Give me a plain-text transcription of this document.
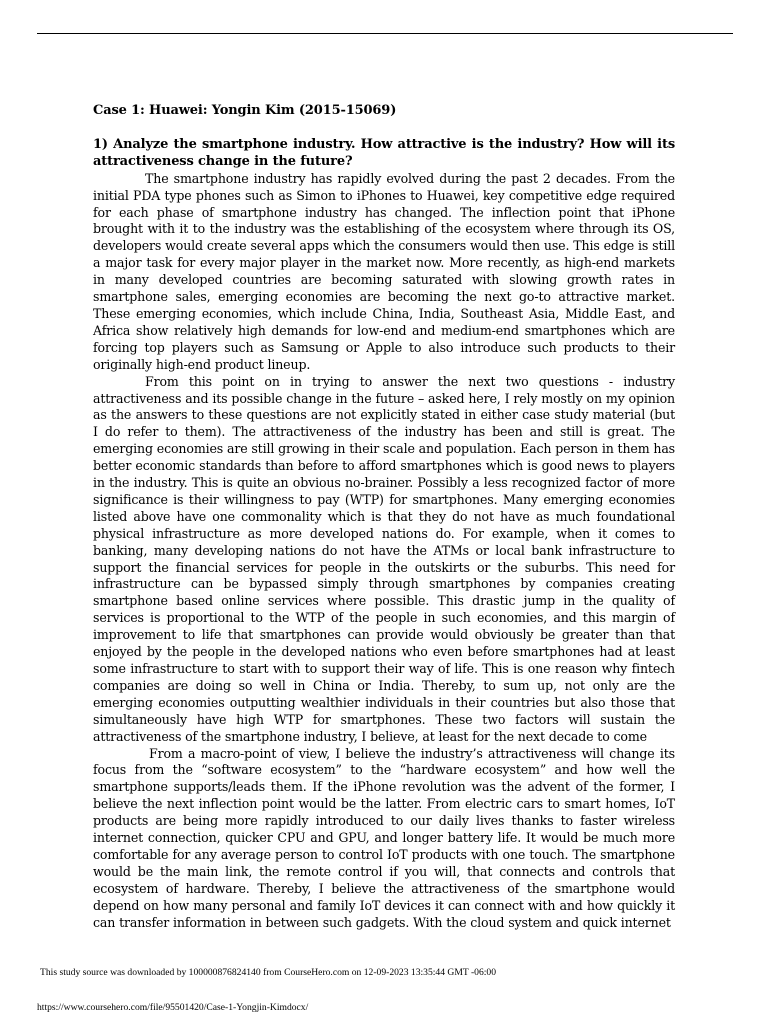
Case 1: Huawei: Yongin Kim (2015-15069)

1) Analyze the smartphone industry. How attractive is the industry? How will its attractiveness change in the future?

The smartphone industry has rapidly evolved during the past 2 decades. From the initial PDA type phones such as Simon to iPhones to Huawei, key competitive edge required for each phase of smartphone industry has changed. The inflection point that iPhone brought with it to the industry was the establishing of the ecosystem where through its OS, developers would create several apps which the consumers would then use. This edge is still a major task for every major player in the market now. More recently, as high-end markets in many developed countries are becoming saturated with slowing growth rates in smartphone sales, emerging economies are becoming the next go-to attractive market. These emerging economies, which include China, India, Southeast Asia, Middle East, and Africa show relatively high demands for low-end and medium-end smartphones which are forcing top players such as Samsung or Apple to also introduce such products to their originally high-end product lineup.

From this point on in trying to answer the next two questions - industry attractiveness and its possible change in the future – asked here, I rely mostly on my opinion as the answers to these questions are not explicitly stated in either case study material (but I do refer to them). The attractiveness of the industry has been and still is great. The emerging economies are still growing in their scale and population. Each person in them has better economic standards than before to afford smartphones which is good news to players in the industry. This is quite an obvious no-brainer. Possibly a less recognized factor of more significance is their willingness to pay (WTP) for smartphones. Many emerging economies listed above have one commonality which is that they do not have as much foundational physical infrastructure as more developed nations do. For example, when it comes to banking, many developing nations do not have the ATMs or local bank infrastructure to support the financial services for people in the outskirts or the suburbs. This need for infrastructure can be bypassed simply through smartphones by companies creating smartphone based online services where possible. This drastic jump in the quality of services is proportional to the WTP of the people in such economies, and this margin of improvement to life that smartphones can provide would obviously be greater than that enjoyed by the people in the developed nations who even before smartphones had at least some infrastructure to start with to support their way of life. This is one reason why fintech companies are doing so well in China or India. Thereby, to sum up, not only are the emerging economies outputting wealthier individuals in their countries but also those that simultaneously have high WTP for smartphones. These two factors will sustain the attractiveness of the smartphone industry, I believe, at least for the next decade to come

From a macro-point of view, I believe the industry’s attractiveness will change its focus from the “software ecosystem” to the “hardware ecosystem” and how well the smartphone supports/leads them. If the iPhone revolution was the advent of the former, I believe the next inflection point would be the latter. From electric cars to smart homes, IoT products are being more rapidly introduced to our daily lives thanks to faster wireless internet connection, quicker CPU and GPU, and longer battery life. It would be much more comfortable for any average person to control IoT products with one touch. The smartphone would be the main link, the remote control if you will, that connects and controls that ecosystem of hardware. Thereby, I believe the attractiveness of the smartphone would depend on how many personal and family IoT devices it can connect with and how quickly it can transfer information in between such gadgets. With the cloud system and quick internet

This study source was downloaded by 100000876824140 from CourseHero.com on 12-09-2023 13:35:44 GMT -06:00
https://www.coursehero.com/file/95501420/Case-1-Yongjin-Kimdocx/
